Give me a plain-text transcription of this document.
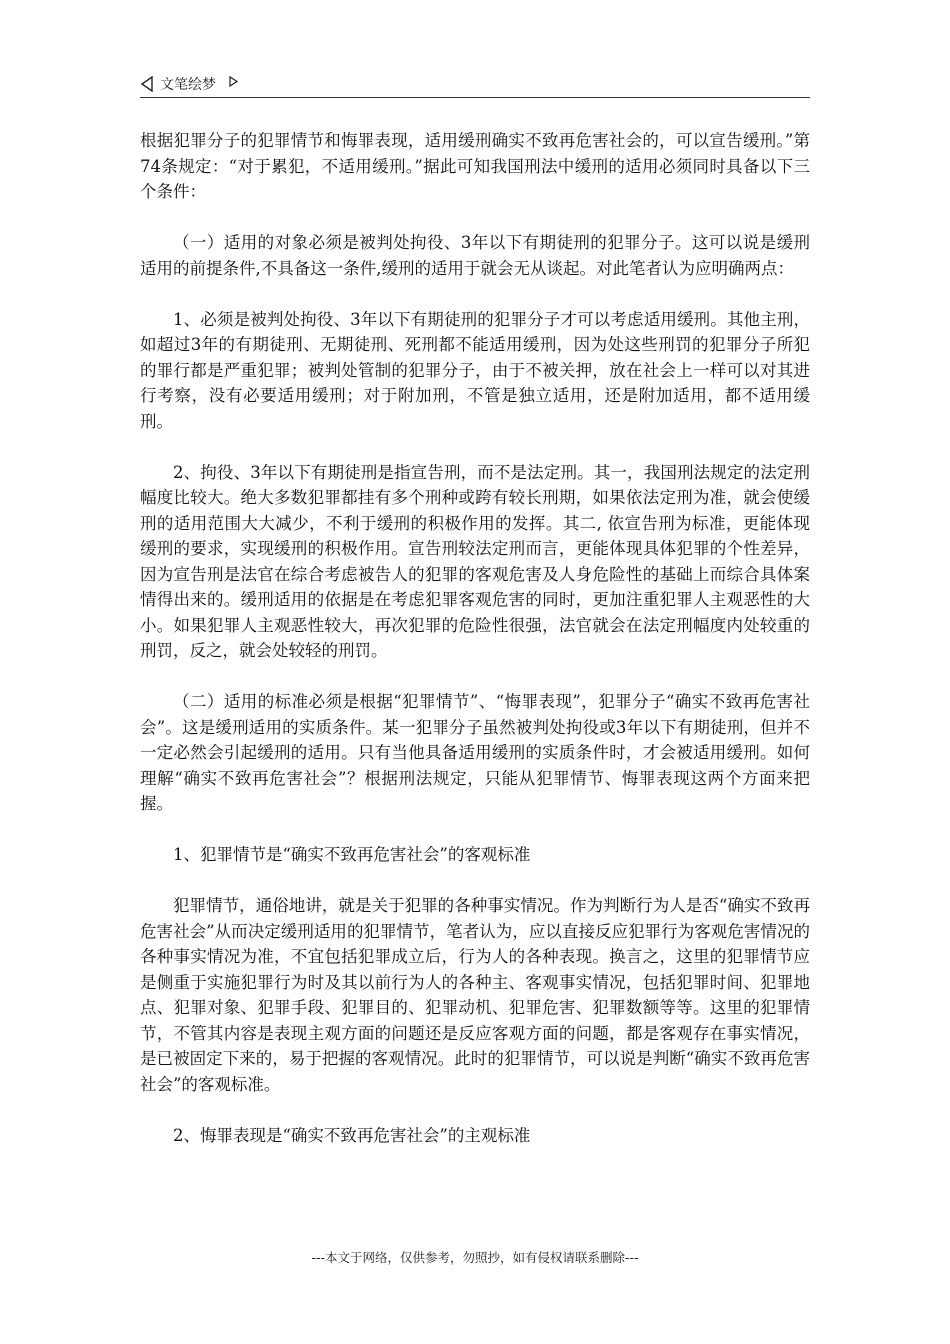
文笔绘梦

根据犯罪分子的犯罪情节和悔罪表现，适用缓刑确实不致再危害社会的，可以宣告缓刑。”第74条规定：“对于累犯，不适用缓刑。”据此可知我国刑法中缓刑的适用必须同时具备以下三个条件：

（一）适用的对象必须是被判处拘役、3年以下有期徒刑的犯罪分子。这可以说是缓刑适用的前提条件,不具备这一条件,缓刑的适用于就会无从谈起。对此笔者认为应明确两点：

1、必须是被判处拘役、3年以下有期徒刑的犯罪分子才可以考虑适用缓刑。其他主刑，如超过3年的有期徒刑、无期徒刑、死刑都不能适用缓刑，因为处这些刑罚的犯罪分子所犯的罪行都是严重犯罪；被判处管制的犯罪分子，由于不被关押，放在社会上一样可以对其进行考察，没有必要适用缓刑；对于附加刑，不管是独立适用，还是附加适用，都不适用缓刑。

2、拘役、3年以下有期徒刑是指宣告刑，而不是法定刑。其一，我国刑法规定的法定刑幅度比较大。绝大多数犯罪都挂有多个刑种或跨有较长刑期，如果依法定刑为准，就会使缓刑的适用范围大大减少，不利于缓刑的积极作用的发挥。其二, 依宣告刑为标准，更能体现缓刑的要求，实现缓刑的积极作用。宣告刑较法定刑而言，更能体现具体犯罪的个性差异，因为宣告刑是法官在综合考虑被告人的犯罪的客观危害及人身危险性的基础上而综合具体案情得出来的。缓刑适用的依据是在考虑犯罪客观危害的同时，更加注重犯罪人主观恶性的大小。如果犯罪人主观恶性较大，再次犯罪的危险性很强，法官就会在法定刑幅度内处较重的刑罚，反之，就会处较轻的刑罚。

（二）适用的标准必须是根据“犯罪情节”、“悔罪表现”，犯罪分子“确实不致再危害社会”。这是缓刑适用的实质条件。某一犯罪分子虽然被判处拘役或3年以下有期徒刑，但并不一定必然会引起缓刑的适用。只有当他具备适用缓刑的实质条件时，才会被适用缓刑。如何理解“确实不致再危害社会”？根据刑法规定，只能从犯罪情节、悔罪表现这两个方面来把握。

1、犯罪情节是“确实不致再危害社会”的客观标准

犯罪情节，通俗地讲，就是关于犯罪的各种事实情况。作为判断行为人是否“确实不致再危害社会”从而决定缓刑适用的犯罪情节，笔者认为，应以直接反应犯罪行为客观危害情况的各种事实情况为准，不宜包括犯罪成立后，行为人的各种表现。换言之，这里的犯罪情节应是侧重于实施犯罪行为时及其以前行为人的各种主、客观事实情况，包括犯罪时间、犯罪地点、犯罪对象、犯罪手段、犯罪目的、犯罪动机、犯罪危害、犯罪数额等等。这里的犯罪情节，不管其内容是表现主观方面的问题还是反应客观方面的问题，都是客观存在事实情况，是已被固定下来的，易于把握的客观情况。此时的犯罪情节，可以说是判断“确实不致再危害社会”的客观标准。

2、悔罪表现是“确实不致再危害社会”的主观标准

---本文于网络，仅供参考，勿照抄，如有侵权请联系删除---
